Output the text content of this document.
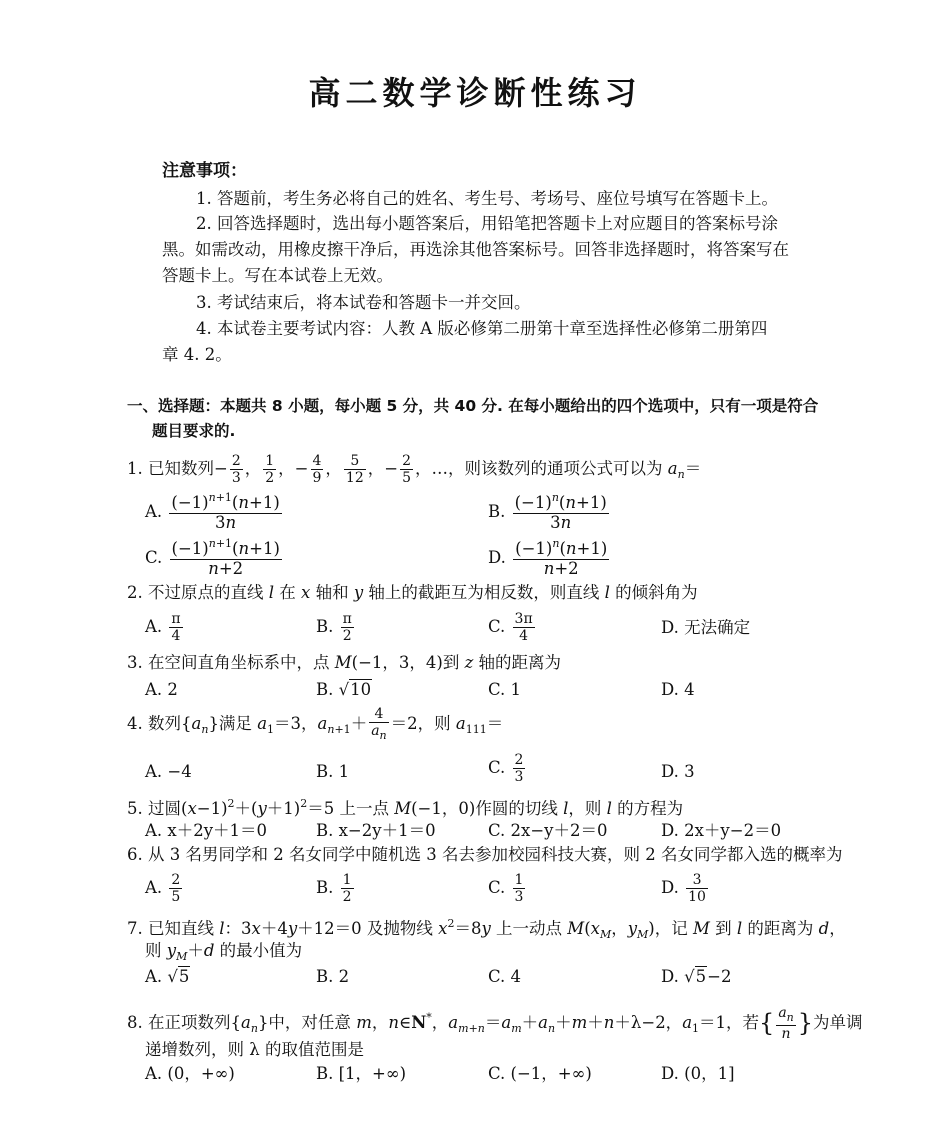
高二数学诊断性练习
注意事项：
1. 答题前，考生务必将自己的姓名、考生号、考场号、座位号填写在答题卡上。
2. 回答选择题时，选出每小题答案后，用铅笔把答题卡上对应题目的答案标号涂
黑。如需改动，用橡皮擦干净后，再选涂其他答案标号。回答非选择题时，将答案写在
答题卡上。写在本试卷上无效。
3. 考试结束后，将本试卷和答题卡一并交回。
4. 本试卷主要考试内容：人教 A 版必修第二册第十章至选择性必修第二册第四
章 4. 2。
一、选择题：本题共 8 小题，每小题 5 分，共 40 分. 在每小题给出的四个选项中，只有一项是符合
题目要求的.
1. 已知数列− $\frac{2}{3}$ ， $\frac{1}{2}$ ，− $\frac{4}{9}$ ， $\frac{5}{12}$ ，− $\frac{2}{5}$ ，…，则该数列的通项公式可以为 $a_n=$
A. $\frac{(-1)^{n+1}(n+1)}{3n}$	B. $\frac{(-1)^n(n+1)}{3n}$
C. $\frac{(-1)^{n+1}(n+1)}{n+2}$	D. $\frac{(-1)^n(n+1)}{n+2}$
2. 不过原点的直线 l 在 x 轴和 y 轴上的截距互为相反数，则直线 l 的倾斜角为
A. $\frac{\pi}{4}$	B. $\frac{\pi}{2}$	C. $\frac{3\pi}{4}$	D. 无法确定
3. 在空间直角坐标系中，点 M(−1，3，4)到 z 轴的距离为
A. 2	B. √10	C. 1	D. 4
4. 数列$\{a_n\}$满足 $a_1=3$，$a_{n+1}+ \frac{4}{a_n} =2$，则 $a_{111}=$
A. −4	B. 1	C. $\frac{2}{3}$	D. 3
5. 过圆$(x-1)^2+(y+1)^2=5$ 上一点 M(−1，0)作圆的切线 l，则 l 的方程为
A. x＋2y＋1＝0	B. x−2y＋1＝0	C. 2x−y＋2＝0	D. 2x＋y−2＝0
6. 从 3 名男同学和 2 名女同学中随机选 3 名去参加校园科技大赛，则 2 名女同学都入选的概率为
A. $\frac{2}{5}$	B. $\frac{1}{2}$	C. $\frac{1}{3}$	D. $\frac{3}{10}$
7. 已知直线 l：3x＋4y＋12＝0 及抛物线 $x^2=8y$ 上一动点 $M(x_M$，$y_M$)，记 M 到 l 的距离为 d，
则 $y_M+d$ 的最小值为
A. √5	B. 2	C. 4	D. √5−2
8. 在正项数列$\{a_n\}$中，对任意 m，n∈N*，$a_{m+n}=a_m+a_n+m+n+\lambda-2$，$a_1=1$，若{ $\frac{a_n}{n}$ }为单调
递增数列，则 λ 的取值范围是
A. (0，+∞)	B. [1，+∞)	C. (−1，+∞)	D. (0，1]
